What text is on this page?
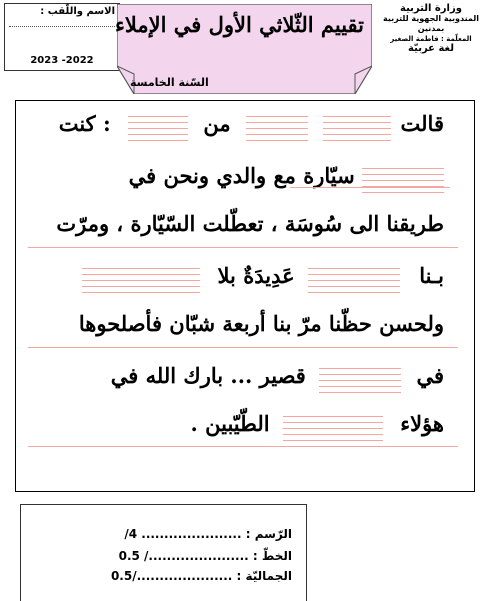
وزارة التربية
المندوبية الجهوية للتربية
بمدنين
المعلّمة : فاطمة الصغير
لغة عربيّة
الاسم واللّقب :
2023 -2022
تقييم الثّلاثي الأول في الإملاء
السّنة الخامسة
قالت   من  : كنت
سيّارة مع والدي ونحن في
طريقنا الى سُوسَة ، تعطّلت السّيّارة ، ومرّت
بـنا  عَدِيدَةٌ بلا
ولحسن حظّنا مرّ بنا أربعة شبّان فأصلحوها
في  قصير ... بارك الله في
هؤلاء  الطّيّبين .
الرّسم : ...................... 4/
الخطّ : ....................../ 0.5
الجماليّة : ...................../0.5
